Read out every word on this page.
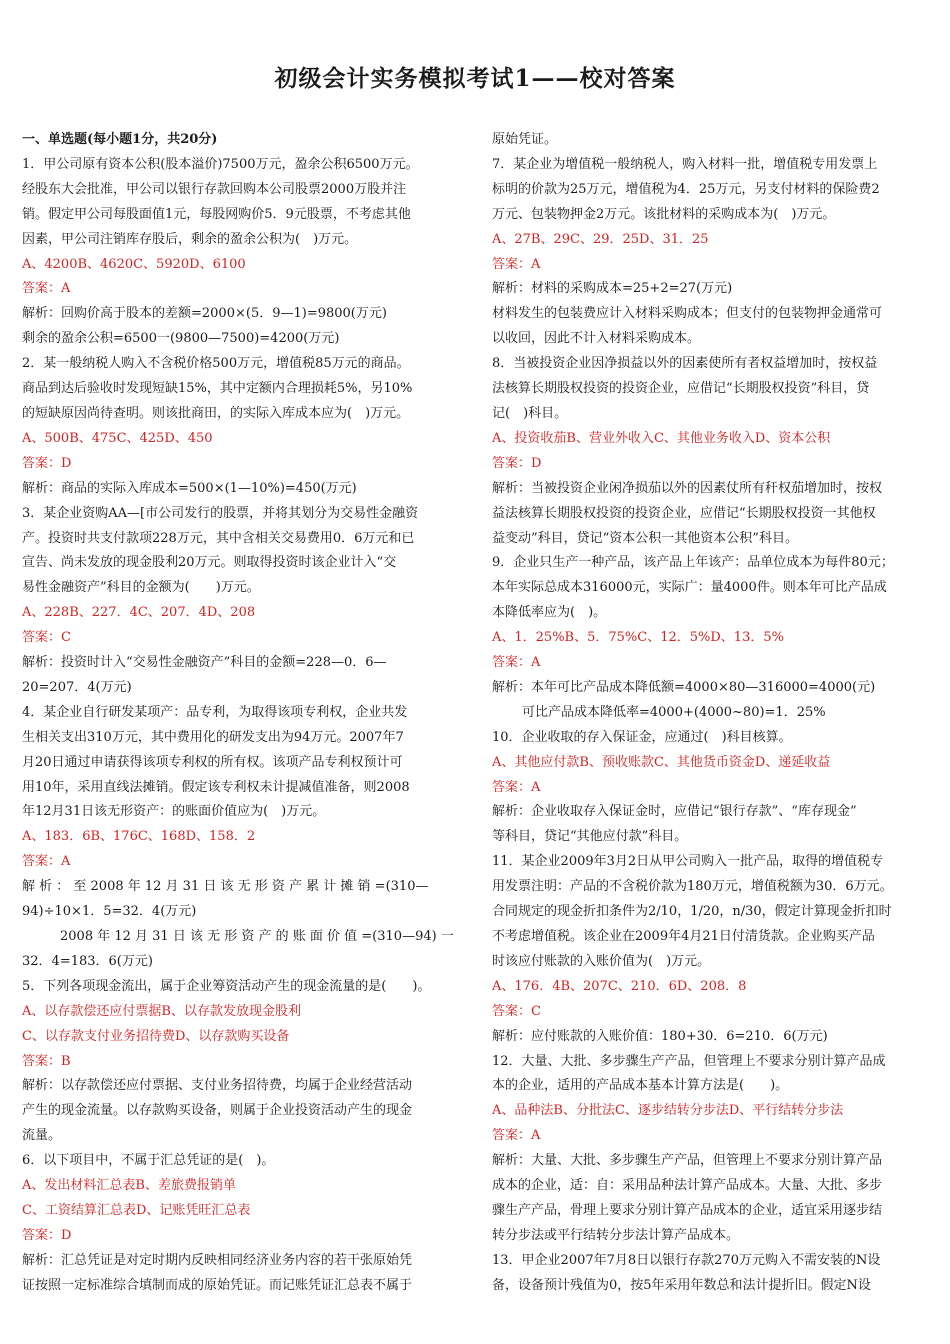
初级会计实务模拟考试1——校对答案
一、单选题(每小题1分，共20分)
1．甲公司原有资本公积(股本溢价)7500万元，盈余公积6500万元。
经股东大会批准，甲公司以银行存款回购本公司股票2000万股并注
销。假定甲公司每股面值1元，每股网购价5．9元股票，不考虑其他
因素，甲公司注销库存股后，剩余的盈余公积为(　)万元。
A、4200B、4620C、5920D、6100
答案：A
解析：回购价高于股本的差额=2000×(5．9—1)=9800(万元)
剩余的盈余公积=6500一(9800—7500)=4200(万元)
2．某一般纳税人购入不含税价格500万元，增值税85万元的商品。
商品到达后验收时发现短缺15%，其中定额内合理损耗5%，另10%
的短缺原因尚待查明。则该批商田，的实际入库成本应为(　)万元。
A、500B、475C、425D、450
答案：D
解析：商品的实际入库成本=500×(1—10%)=450(万元)
3．某企业资购AA—[市公司发行的股票，并将其划分为交易性金融资
产。投资时共支付款项228万元，其中含相关交易费用0．6万元和已
宣告、尚未发放的现金股利20万元。则取得投资时该企业计入“交
易性金融资产”科目的金额为(　　)万元。
A、228B、227．4C、207．4D、208
答案：C
解析：投资时计入“交易性金融资产”科目的金额=228—0．6—
20=207．4(万元)
4．某企业自行研发某项产：品专利，为取得该项专利权，企业共发
生相关支出310万元，其中费用化的研发支出为94万元。2007年7
月20日通过申请获得该项专利权的所有权。该项产品专利权预计可
用10年，采用直线法摊销。假定该专利权未计提减值准备，则2008
年12月31日该无形资产：的账面价值应为(　)万元。
A、183．6B、176C、168D、158．2
答案：A
解 析 ： 至 2008 年 12 月 31 日 该 无 形 资 产 累 计 摊 销 =(310—
94)÷10×1．5=32．4(万元)
2008 年 12 月 31 日 该 无 形 资 产 的 账 面 价 值 =(310—94) 一
32．4=183．6(万元)
5．下列各项现金流出，属于企业筹资活动产生的现金流量的是(　　)。
A、以存款偿还应付票据B、以存款发放现金股利
C、以存款支付业务招待费D、以存款购买设备
答案：B
解析：以存款偿还应付票据、支付业务招待费，均属于企业经营活动
产生的现金流量。以存款购买设备，则属于企业投资活动产生的现金
流量。
6．以下项目中，不属于汇总凭证的是(　)。
A、发出材料汇总表B、差旅费报销单
C、工资结算汇总表D、记账凭旺汇总表
答案：D
解析：汇总凭证是对定时期内反映相同经济业务内容的若干张原始凭
证按照一定标准综合填制而成的原始凭证。而记账凭证汇总表不属于
原始凭证。
7．某企业为增值税一般纳税人，购入材料一批，增值税专用发票上
标明的价款为25万元，增值税为4．25万元，另支付材料的保险费2
万元、包装物押金2万元。该批材料的采购成本为(　)万元。
A、27B、29C、29．25D、31．25
答案：A
解析：材料的采购成本=25+2=27(万元)
材料发生的包装费应计入材料采购成本；但支付的包装物押金通常可
以收回，因此不计入材料采购成本。
8．当被投资企业因净损益以外的因素使所有者权益增加时，按权益
法核算长期股权投资的投资企业，应借记“长期股权投资”科目，贷
记(　)科目。
A、投资收茄B、营业外收入C、其他业务收入D、资本公积
答案：D
解析：当被投资企业闲净损茄以外的因素仗所有秆权茄增加时，按权
益法核算长期股权投资的投资企业，应借记“长期股权投资一其他权
益变动”科目，贷记“资本公积一其他资本公积”科目。
9．企业只生产一种产品，该产品上年该产：品单位成本为每件80元；
本年实际总成本316000元，实际广：量4000件。则本年可比产品成
本降低率应为(　)。
A、1．25%B、5．75%C、12．5%D、13．5%
答案：A
解析：本年可比产品成本降低额=4000×80—316000=4000(元)
可比产品成本降低率=4000+(4000~80)=1．25%
10．企业收取的存入保证金，应通过(　)科目核算。
A、其他应付款B、预收账款C、其他货币资金D、递延收益
答案：A
解析：企业收取存入保证金时，应借记“银行存款”、“库存现金”
等科目，贷记“其他应付款”科目。
11．某企业2009年3月2日从甲公司购入一批产品，取得的增值税专
用发票注明：产品的不含税价款为180万元，增值税额为30．6万元。
合同规定的现金折扣条件为2/10，1/20，n/30，假定计算现金折扣时
不考虑增值税。该企业在2009年4月21日付清货款。企业购买产品
时该应付账款的入账价值为(　)万元。
A、176．4B、207C、210．6D、208．8
答案：C
解析：应付账款的入账价值：180+30．6=210．6(万元)
12．大量、大批、多步骤生产产品，但管理上不要求分别计算产品成
本的企业，适用的产品成本基本计算方法是(　　)。
A、品种法B、分批法C、逐步结转分步法D、平行结转分步法
答案：A
解析：大量、大批、多步骤生产产品，但管理上不要求分别计算产品
成本的企业，适：自：采用品种法计算产品成本。大量、大批、多步
骤生产产品，骨理上要求分别计算产品成本的企业，适宜采用逐步结
转分步法或平行结转分步法计算产品成本。
13．甲企业2007年7月8日以银行存款270万元购入不需安装的N设
备，设备预计残值为0，按5年采用年数总和法计提折旧。假定N设
